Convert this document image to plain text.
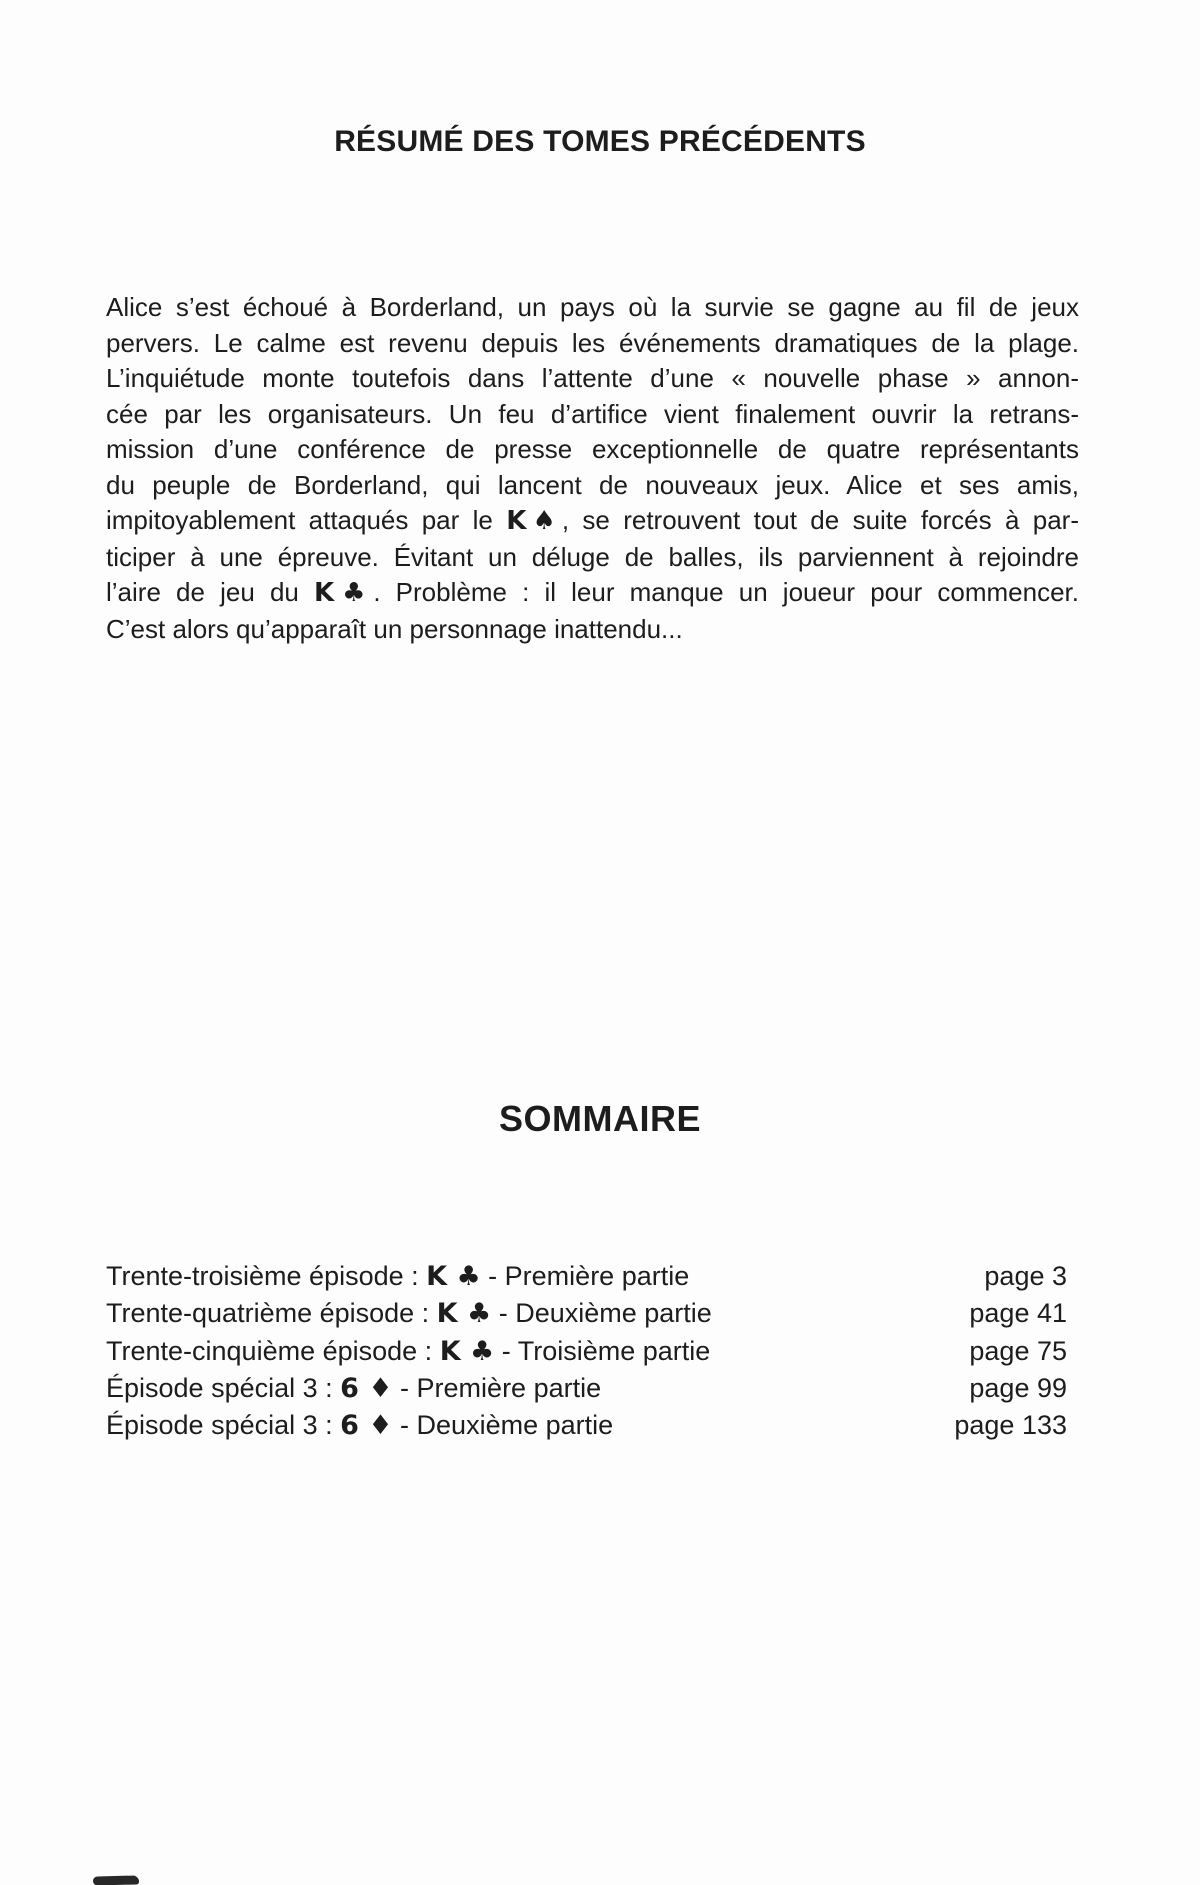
RÉSUMÉ DES TOMES PRÉCÉDENTS
Alice s’est échoué à Borderland, un pays où la survie se gagne au fil de jeux
pervers. Le calme est revenu depuis les événements dramatiques de la plage.
L’inquiétude monte toutefois dans l’attente d’une « nouvelle phase » annon-
cée par les organisateurs. Un feu d’artifice vient finalement ouvrir la retrans-
mission d’une conférence de presse exceptionnelle de quatre représentants
du peuple de Borderland, qui lancent de nouveaux jeux. Alice et ses amis,
impitoyablement attaqués par le K♠, se retrouvent tout de suite forcés à par-
ticiper à une épreuve. Évitant un déluge de balles, ils parviennent à rejoindre
l’aire de jeu du K♣. Problème : il leur manque un joueur pour commencer.
C’est alors qu’apparaît un personnage inattendu...
SOMMAIRE
Trente-troisième épisode : K ♣ - Première partie	page 3
Trente-quatrième épisode : K ♣ - Deuxième partie	page 41
Trente-cinquième épisode : K ♣ - Troisième partie	page 75
Épisode spécial 3 : 6 ♦ - Première partie	page 99
Épisode spécial 3 : 6 ♦ - Deuxième partie	page 133
